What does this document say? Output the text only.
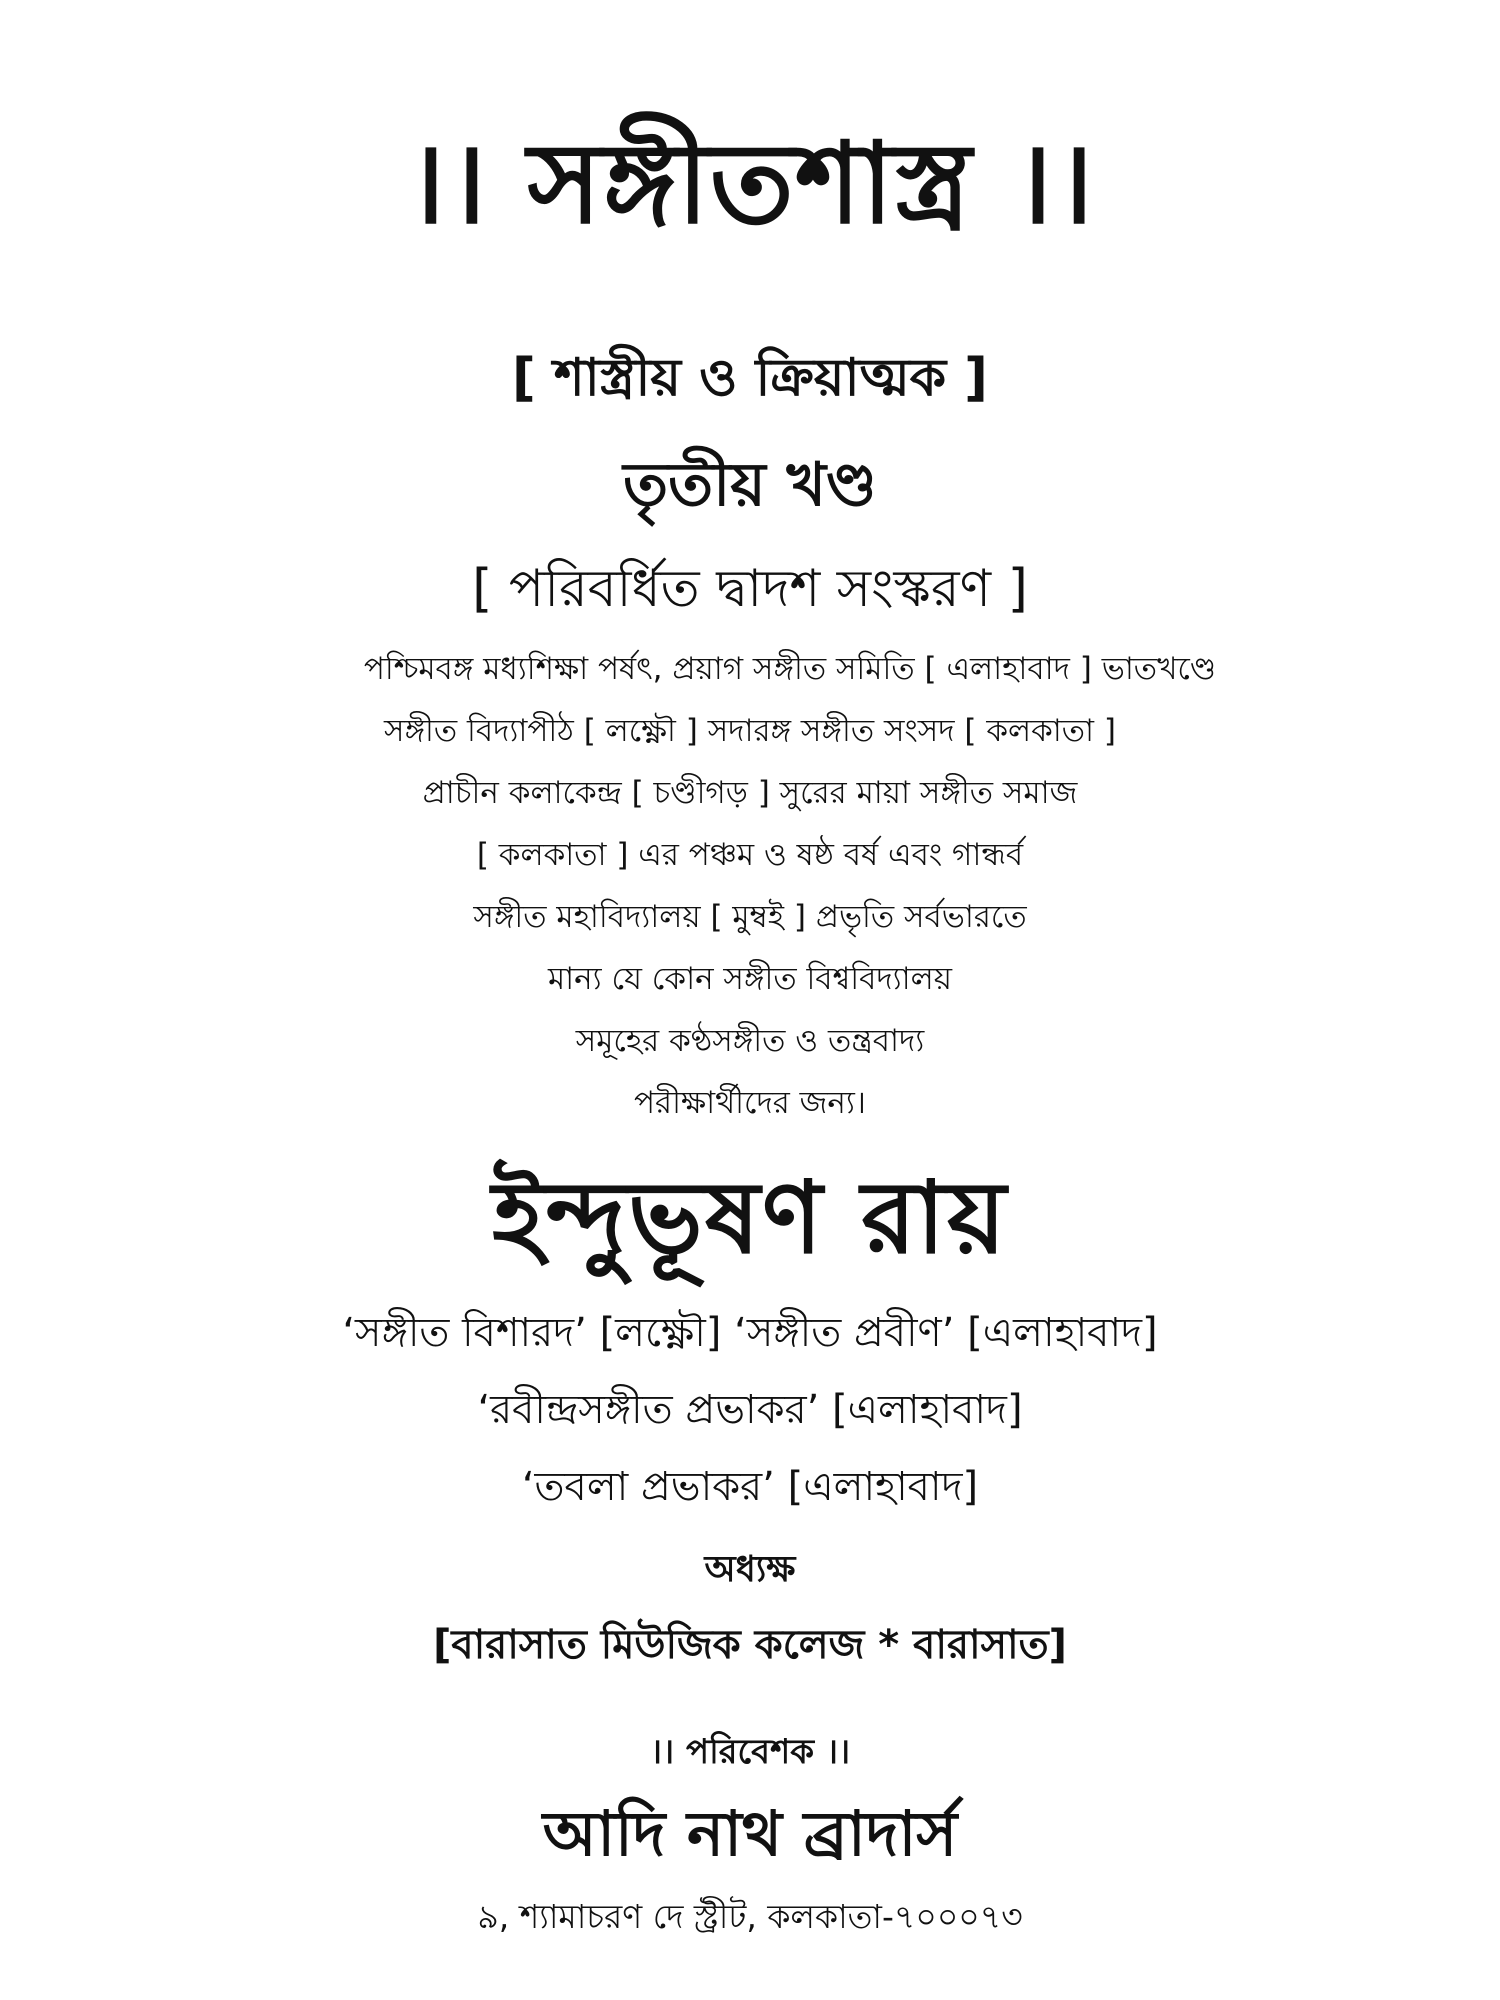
।। সঙ্গীতশাস্ত্র ।।
[ শাস্ত্রীয় ও ক্রিয়াত্মক ]
তৃতীয় খণ্ড
[ পরিবর্ধিত দ্বাদশ সংস্করণ ]
পশ্চিমবঙ্গ মধ্যশিক্ষা পর্ষৎ, প্রয়াগ সঙ্গীত সমিতি [ এলাহাবাদ ] ভাতখণ্ডে
সঙ্গীত বিদ্যাপীঠ [ লক্ষ্ণৌ ] সদারঙ্গ সঙ্গীত সংসদ [ কলকাতা ]
প্রাচীন কলাকেন্দ্র [ চণ্ডীগড় ] সুরের মায়া সঙ্গীত সমাজ
[ কলকাতা ] এর পঞ্চম ও ষষ্ঠ বর্ষ এবং গান্ধর্ব
সঙ্গীত মহাবিদ্যালয় [ মুম্বই ] প্রভৃতি সর্বভারতে
মান্য যে কোন সঙ্গীত বিশ্ববিদ্যালয়
সমূহের কণ্ঠসঙ্গীত ও তন্ত্রবাদ্য
পরীক্ষার্থীদের জন্য।
ইন্দুভূষণ রায়
‘সঙ্গীত বিশারদ’ [লক্ষ্ণৌ] ‘সঙ্গীত প্রবীণ’ [এলাহাবাদ]
‘রবীন্দ্রসঙ্গীত প্রভাকর’ [এলাহাবাদ]
‘তবলা প্রভাকর’ [এলাহাবাদ]
অধ্যক্ষ
[বারাসাত মিউজিক কলেজ * বারাসাত]
।। পরিবেশক ।।
আদি নাথ ব্রাদার্স
৯, শ্যামাচরণ দে স্ট্রীট, কলকাতা-৭০০০৭৩
